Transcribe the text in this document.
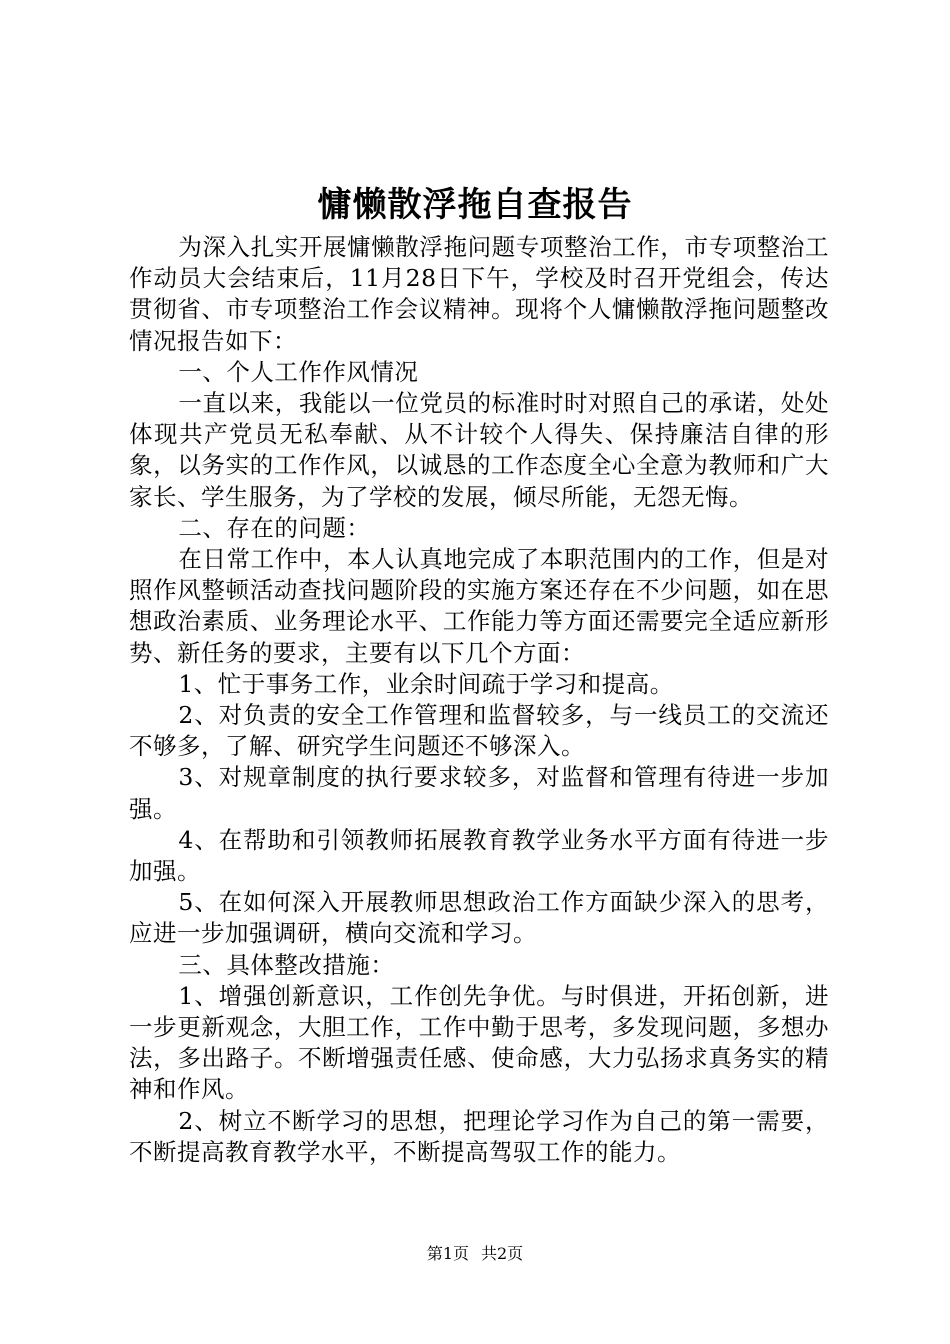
慵懒散浮拖自查报告

为深入扎实开展慵懒散浮拖问题专项整治工作，市专项整治工作动员大会结束后，11月28日下午，学校及时召开党组会，传达贯彻省、市专项整治工作会议精神。现将个人慵懒散浮拖问题整改情况报告如下：

一、个人工作作风情况

一直以来，我能以一位党员的标准时时对照自己的承诺，处处体现共产党员无私奉献、从不计较个人得失、保持廉洁自律的形象，以务实的工作作风，以诚恳的工作态度全心全意为教师和广大家长、学生服务，为了学校的发展，倾尽所能，无怨无悔。

二、存在的问题：

在日常工作中，本人认真地完成了本职范围内的工作，但是对照作风整顿活动查找问题阶段的实施方案还存在不少问题，如在思想政治素质、业务理论水平、工作能力等方面还需要完全适应新形势、新任务的要求，主要有以下几个方面：

1、忙于事务工作，业余时间疏于学习和提高。

2、对负责的安全工作管理和监督较多，与一线员工的交流还不够多，了解、研究学生问题还不够深入。

3、对规章制度的执行要求较多，对监督和管理有待进一步加强。

4、在帮助和引领教师拓展教育教学业务水平方面有待进一步加强。

5、在如何深入开展教师思想政治工作方面缺少深入的思考，应进一步加强调研，横向交流和学习。

三、具体整改措施：

1、增强创新意识，工作创先争优。与时俱进，开拓创新，进一步更新观念，大胆工作，工作中勤于思考，多发现问题，多想办法，多出路子。不断增强责任感、使命感，大力弘扬求真务实的精神和作风。

2、树立不断学习的思想，把理论学习作为自己的第一需要，不断提高教育教学水平，不断提高驾驭工作的能力。

第1页 共2页
